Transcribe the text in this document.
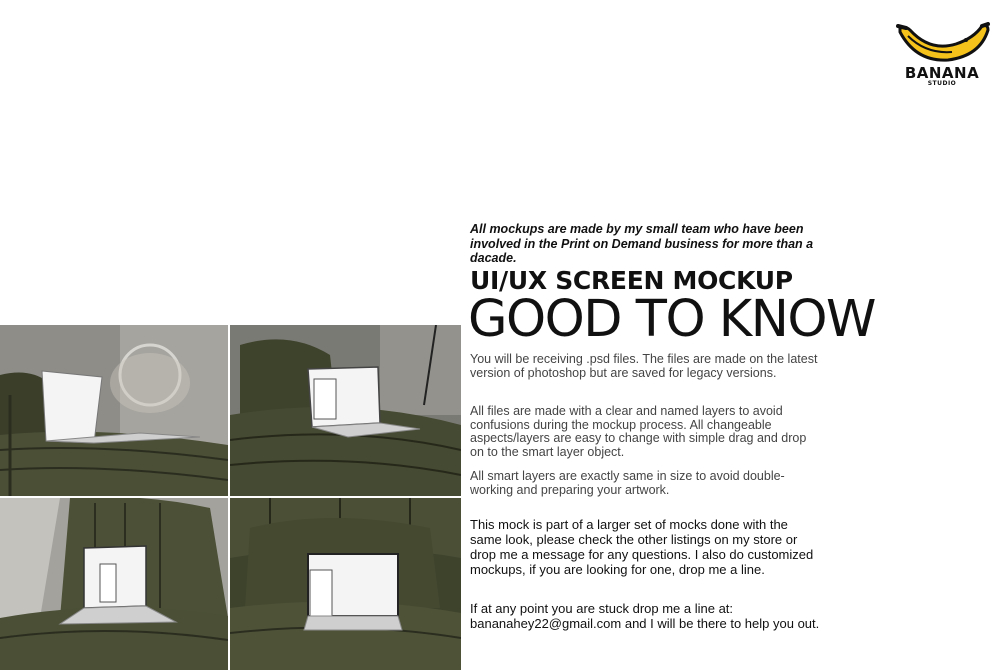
BANANA
STUDIO

All mockups are made by my small team who have been involved in the Print on Demand business for more than a dacade.

UI/UX SCREEN MOCKUP
GOOD TO KNOW

You will be receiving .psd files. The files are made on the latest version of photoshop but are saved for legacy versions.

All files are made with a clear and named layers to avoid confusions during the mockup process. All changeable aspects/layers are easy to change with simple drag and drop on to the smart layer object.

All smart layers are exactly same in size to avoid double-working and preparing your artwork.

This mock is part of a larger set of mocks done with the same look, please check the other listings on my store or drop me a message for any questions. I also do customized mockups, if you are looking for one, drop me a line.

If at any point you are stuck drop me a line at: bananahey22@gmail.com and I will be there to help you out.
